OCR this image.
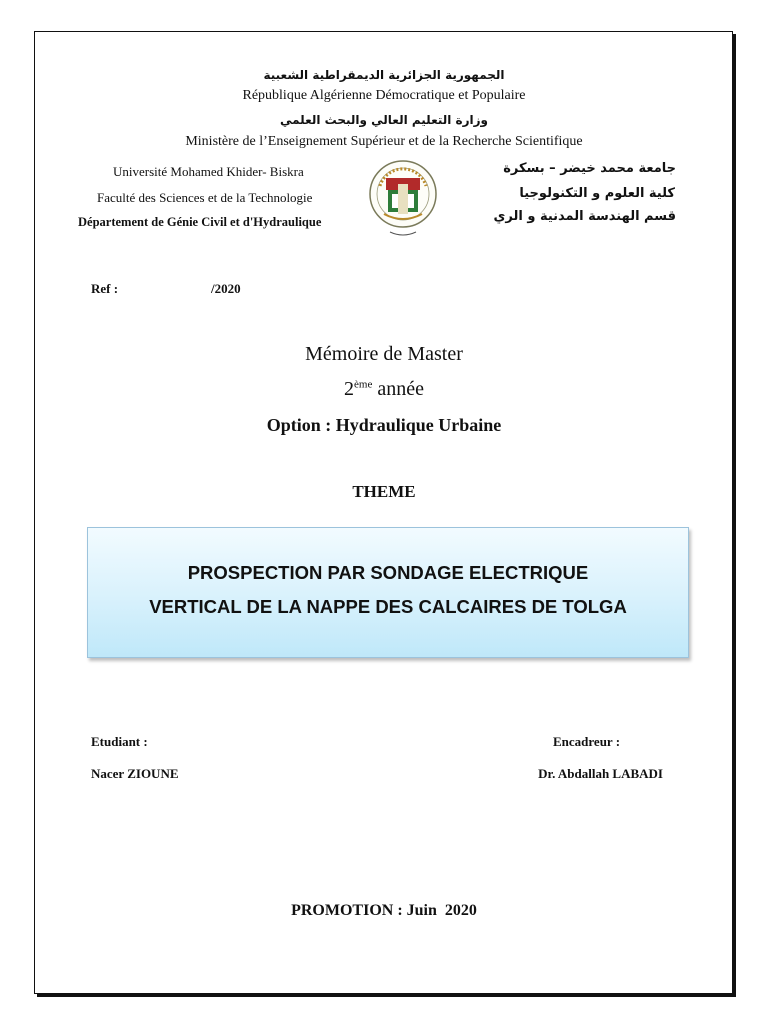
الجمهورية الجزائرية الديمقراطية الشعبية
République Algérienne Démocratique et Populaire
وزارة التعليم العالي والبحث العلمي
Ministère de l’Enseignement Supérieur et de la Recherche Scientifique
Université Mohamed Khider- Biskra
Faculté des Sciences et de la Technologie
Département de Génie Civil et d'Hydraulique
جامعة محمد خيضر – بسكرة
كلية العلوم و التكنولوجيا
قسم الهندسة المدنية و الري
Ref :	/2020
Mémoire de Master
2ème année
Option : Hydraulique Urbaine
THEME
PROSPECTION PAR SONDAGE ELECTRIQUE
VERTICAL DE LA NAPPE DES CALCAIRES DE TOLGA
Etudiant :
Nacer ZIOUNE
Encadreur :
Dr. Abdallah LABADI
PROMOTION : Juin  2020
